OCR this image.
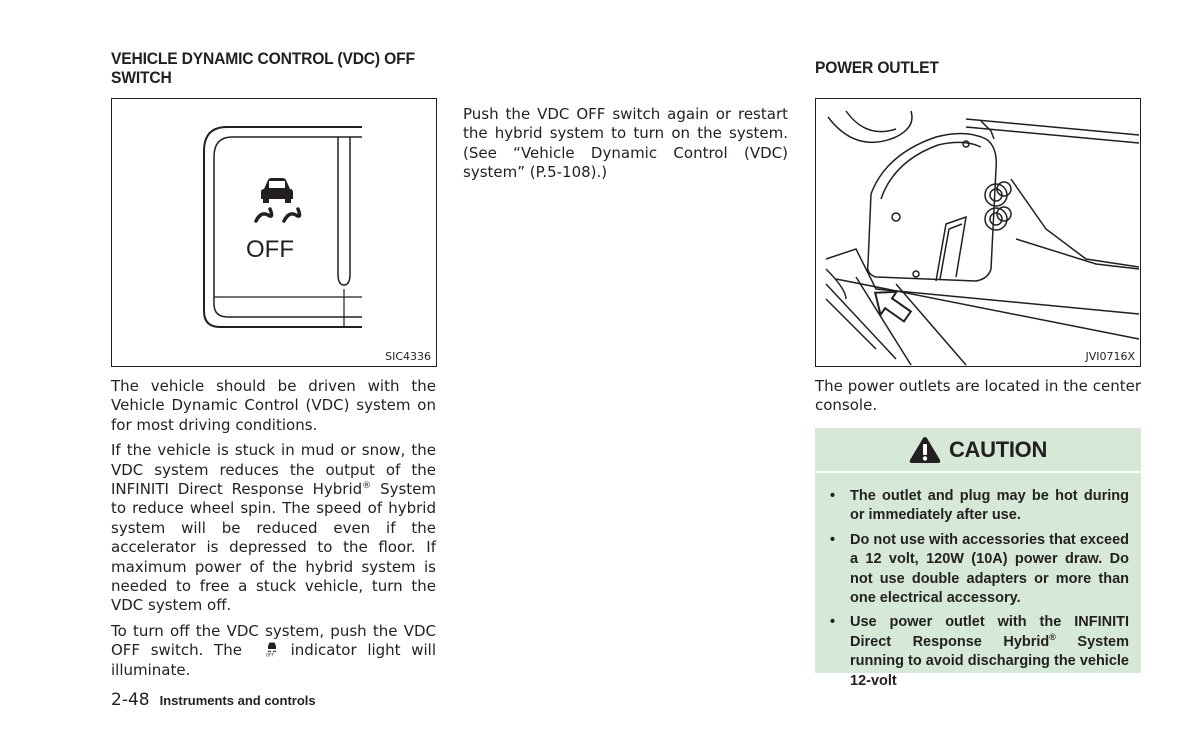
VEHICLE DYNAMIC CONTROL (VDC) OFF
SWITCH
OFF
SIC4336

The vehicle should be driven with the Vehicle Dynamic Control (VDC) system on for most driving conditions.

If the vehicle is stuck in mud or snow, the VDC system reduces the output of the INFINITI Direct Response Hybrid® System to reduce wheel spin. The speed of hybrid system will be reduced even if the accelerator is depressed to the floor. If maximum power of the hybrid system is needed to free a stuck vehicle, turn the VDC system off.

To turn off the VDC system, push the VDC OFF switch. The	OFF indicator light will illuminate.

Push the VDC OFF switch again or restart the hybrid system to turn on the system. (See “Vehicle Dynamic Control (VDC) system” (P.5-108).)

POWER OUTLET
JVI0716X

The power outlets are located in the center console.

CAUTION
• The outlet and plug may be hot during or immediately after use.
• Do not use with accessories that exceed a 12 volt, 120W (10A) power draw. Do not use double adapters or more than one electrical accessory.
• Use power outlet with the INFINITI Direct Response Hybrid® System running to avoid discharging the vehicle 12-volt
2-48 Instruments and controls
